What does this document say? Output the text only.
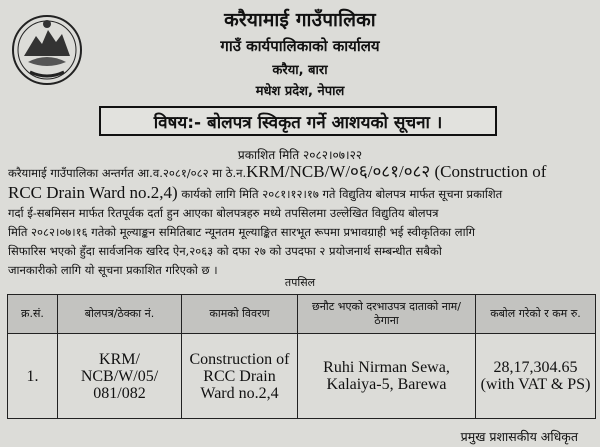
करैयामाई गाउँपालिका
गाउँ कार्यपालिकाको कार्यालय
करैया, बारा
मधेश प्रदेश, नेपाल
विषय:- बोलपत्र स्विकृत गर्ने आशयको सूचना ।
प्रकाशित मिति २०८२।०७।२२
करैयामाई गाउँपालिका अन्तर्गत आ.व.२०८१/०८२ मा ठे.न.KRM/NCB/W/०६/०८१/०८२ (Construction of
RCC Drain Ward no.2,4) कार्यको लागि मिति २०८१।१२।१७ गते विद्युतिय बोलपत्र मार्फत सूचना प्रकाशित
गर्दा ई-सबमिसन मार्फत रितपूर्वक दर्ता हुन आएका बोलपत्रहरु मध्ये तपसिलमा उल्लेखित विद्युतिय बोलपत्र
मिति २०८२।०७।१६ गतेको मूल्याङ्कन समितिबाट न्यूनतम मूल्याङ्कित सारभूत रूपमा प्रभावग्राही भई स्वीकृतिका लागि
सिफारिस भएको हुँदा सार्वजनिक खरिद ऐन,२०६३ को दफा २७ को उपदफा २ प्रयोजनार्थ सम्बन्धीत सबैको
जानकारीको लागि यो सूचना प्रकाशित गरिएको छ ।
तपसिल
क्र.सं.	बोलपत्र/ठेक्का नं.	कामको विवरण	छनौट भएको दरभाउपत्र दाताको नाम/ठेगाना	कबोल गरेको र कम रु.
1.	KRM/ NCB/W/05/ 081/082	Construction of RCC Drain Ward no.2,4	Ruhi Nirman Sewa, Kalaiya-5, Barewa	28,17,304.65 (with VAT & PS)
प्रमुख प्रशासकीय अधिकृत
